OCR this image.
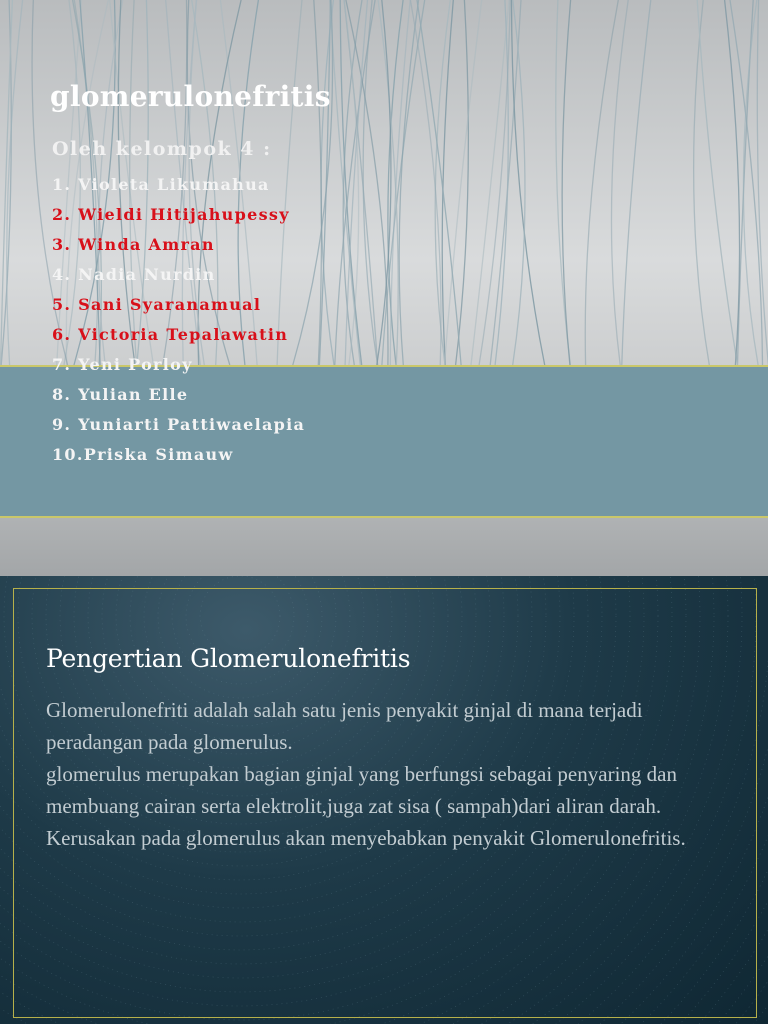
glomerulonefritis
Oleh kelompok 4 :
1. Violeta Likumahua
2. Wieldi Hitijahupessy
3. Winda Amran
4. Nadia Nurdin
5. Sani Syaranamual
6. Victoria Tepalawatin
7. Yeni Porloy
8. Yulian Elle
9. Yuniarti Pattiwaelapia
10.Priska Simauw
Pengertian Glomerulonefritis

Glomerulonefriti adalah salah satu jenis penyakit ginjal di mana terjadi peradangan pada glomerulus.

glomerulus merupakan bagian ginjal yang berfungsi sebagai penyaring dan membuang cairan serta elektrolit,juga zat sisa ( sampah)dari aliran darah.

Kerusakan pada glomerulus akan menyebabkan penyakit Glomerulonefritis.
